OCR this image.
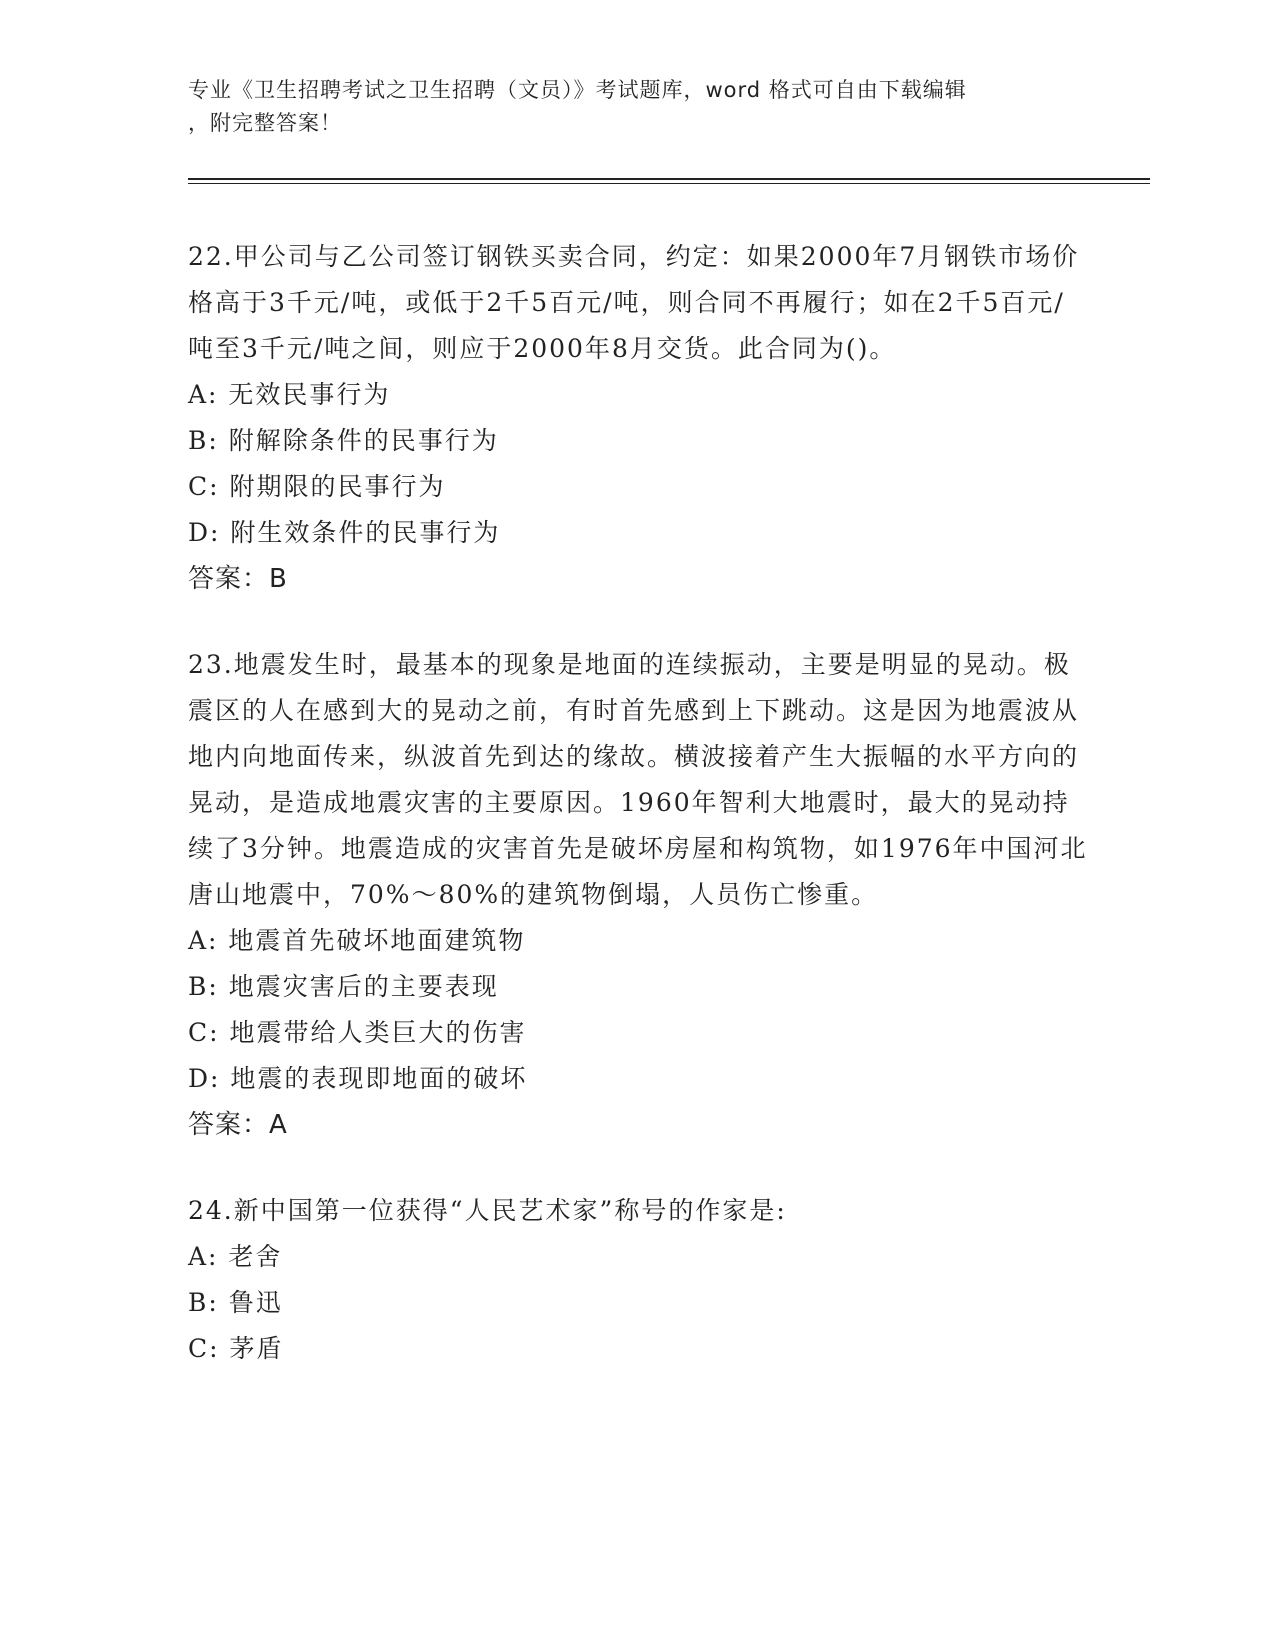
专业《卫生招聘考试之卫生招聘（文员）》考试题库，word 格式可自由下载编辑
，附完整答案！

22.甲公司与乙公司签订钢铁买卖合同，约定：如果2000年7月钢铁市场价格高于3千元/吨，或低于2千5百元/吨，则合同不再履行；如在2千5百元/吨至3千元/吨之间，则应于2000年8月交货。此合同为()。

A: 无效民事行为

B: 附解除条件的民事行为

C: 附期限的民事行为

D: 附生效条件的民事行为

答案：B

23.地震发生时，最基本的现象是地面的连续振动，主要是明显的晃动。极震区的人在感到大的晃动之前，有时首先感到上下跳动。这是因为地震波从地内向地面传来，纵波首先到达的缘故。横波接着产生大振幅的水平方向的晃动，是造成地震灾害的主要原因。1960年智利大地震时，最大的晃动持续了3分钟。地震造成的灾害首先是破坏房屋和构筑物，如1976年中国河北唐山地震中，70%～80%的建筑物倒塌，人员伤亡惨重。

A: 地震首先破坏地面建筑物

B: 地震灾害后的主要表现

C: 地震带给人类巨大的伤害

D: 地震的表现即地面的破坏

答案：A

24.新中国第一位获得“人民艺术家”称号的作家是:

A: 老舍

B: 鲁迅

C: 茅盾
